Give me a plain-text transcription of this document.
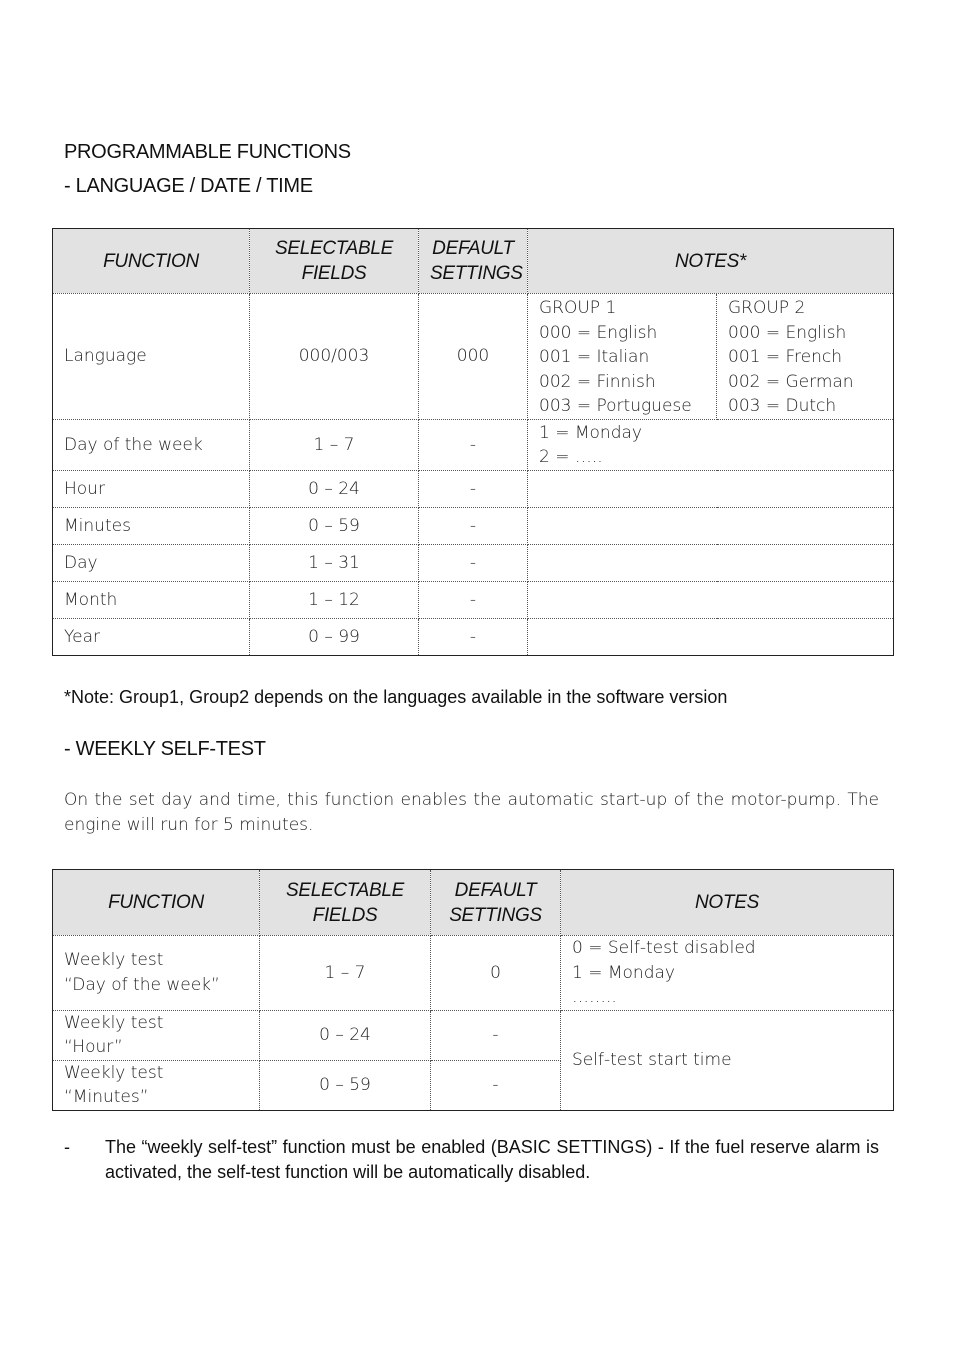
PROGRAMMABLE FUNCTIONS
- LANGUAGE / DATE / TIME
FUNCTION	SELECTABLE FIELDS	DEFAULT SETTINGS	NOTES*	
Language	000/003	000	GROUP 1
000 = English
001 = Italian
002 = Finnish
003 = Portuguese	GROUP 2
000 = English
001 = French
002 = German
003 = Dutch
Day of the week	1 – 7	-	1 = Monday
2 = …..	
Hour	0 – 24	-		
Minutes	0 – 59	-		
Day	1 – 31	-		
Month	1 – 12	-		
Year	0 – 99	-		
*Note: Group1, Group2 depends on the languages available in the software version
- WEEKLY SELF-TEST
On the set day and time, this function enables the automatic start-up of the motor-pump. The engine will run for 5 minutes.
FUNCTION	SELECTABLE FIELDS	DEFAULT SETTINGS	NOTES
Weekly test
“Day of the week”	1 – 7	0	0 = Self-test disabled
1 = Monday
……..
Weekly test
“Hour”	0 – 24	-	Self-test start time
Weekly test
“Minutes”	0 – 59	-	
- The “weekly self-test” function must be enabled (BASIC SETTINGS) - If the fuel reserve alarm is activated, the self-test function will be automatically disabled.
